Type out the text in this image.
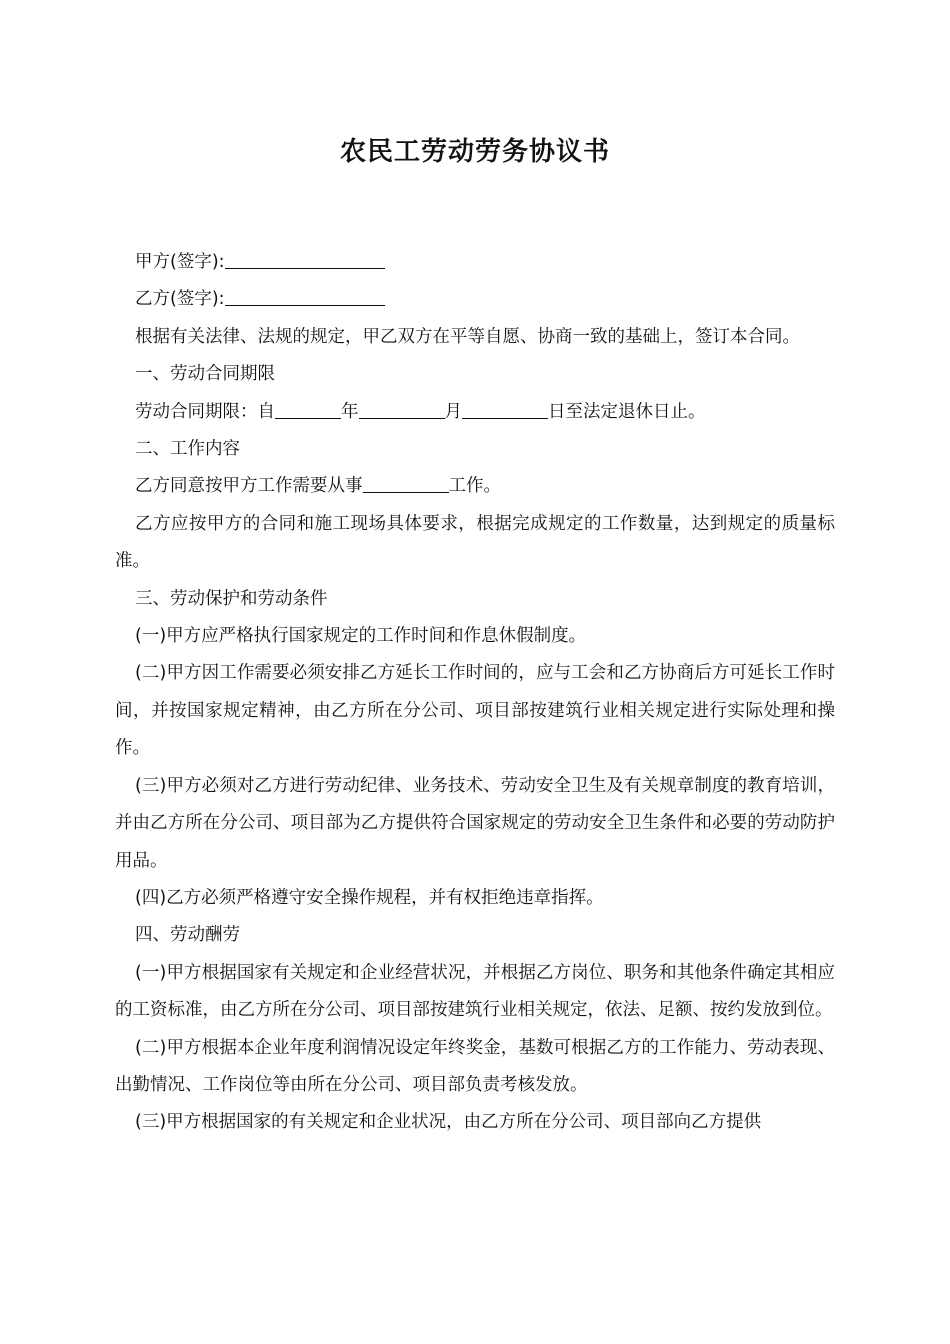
农民工劳动劳务协议书

甲方(签字):

乙方(签字):

根据有关法律、法规的规定，甲乙双方在平等自愿、协商一致的基础上，签订本合同。

一、劳动合同期限

劳动合同期限：自	年	月	日至法定退休日止。

二、工作内容

乙方同意按甲方工作需要从事	工作。

乙方应按甲方的合同和施工现场具体要求，根据完成规定的工作数量，达到规定的质量标准。

三、劳动保护和劳动条件

(一)甲方应严格执行国家规定的工作时间和作息休假制度。

(二)甲方因工作需要必须安排乙方延长工作时间的，应与工会和乙方协商后方可延长工作时间，并按国家规定精神，由乙方所在分公司、项目部按建筑行业相关规定进行实际处理和操作。

(三)甲方必须对乙方进行劳动纪律、业务技术、劳动安全卫生及有关规章制度的教育培训，并由乙方所在分公司、项目部为乙方提供符合国家规定的劳动安全卫生条件和必要的劳动防护用品。

(四)乙方必须严格遵守安全操作规程，并有权拒绝违章指挥。

四、劳动酬劳

(一)甲方根据国家有关规定和企业经营状况，并根据乙方岗位、职务和其他条件确定其相应的工资标准，由乙方所在分公司、项目部按建筑行业相关规定，依法、足额、按约发放到位。

(二)甲方根据本企业年度利润情况设定年终奖金，基数可根据乙方的工作能力、劳动表现、出勤情况、工作岗位等由所在分公司、项目部负责考核发放。

(三)甲方根据国家的有关规定和企业状况，由乙方所在分公司、项目部向乙方提供
